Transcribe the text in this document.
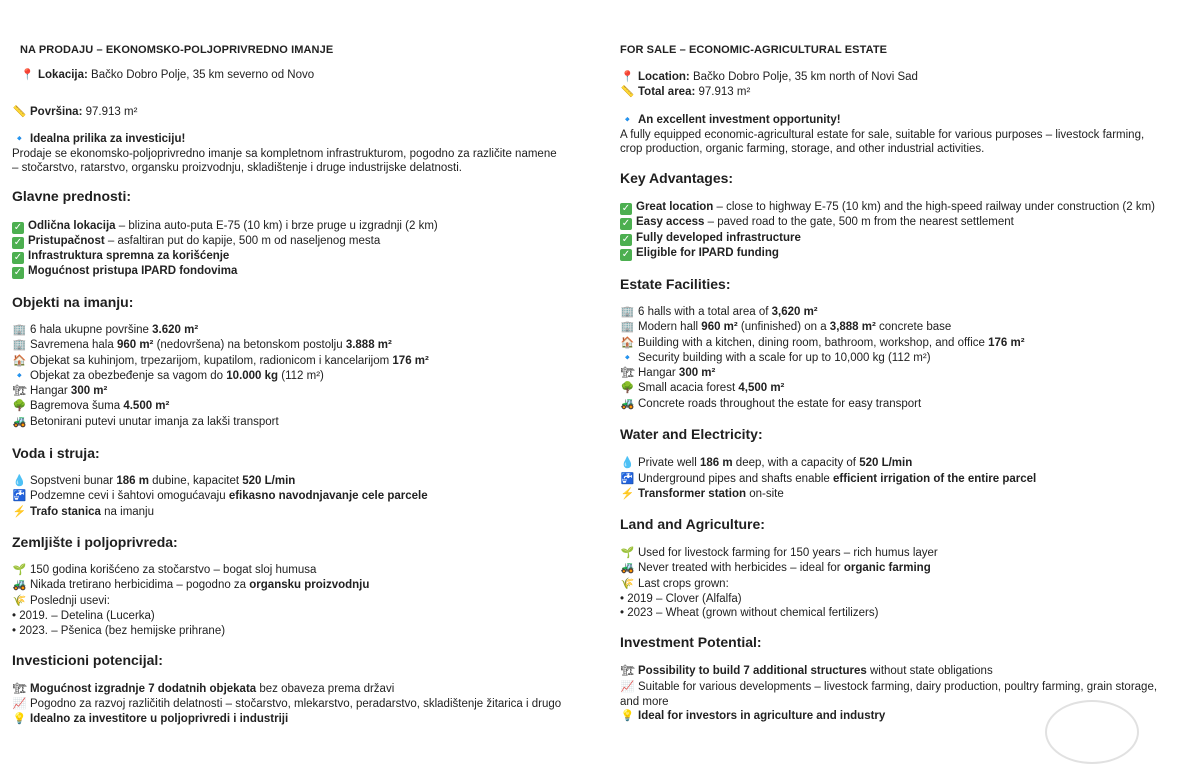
NA PRODAJU – EKONOMSKO-POLJOPRIVREDNO IMANJE
📍 Lokacija: Bačko Dobro Polje, 35 km severno od Novo
📏 Površina: 97.913 m²
🔹 Idealna prilika za investiciju!
Prodaje se ekonomsko-poljoprivredno imanje sa kompletnom infrastrukturom, pogodno za različite namene
– stočarstvo, ratarstvo, organsku proizvodnju, skladištenje i druge industrijske delatnosti.
Glavne prednosti:
✓ Odlična lokacija – blizina auto-puta E-75 (10 km) i brze pruge u izgradnji (2 km)
✓ Pristupačnost – asfaltiran put do kapije, 500 m od naseljenog mesta
✓ Infrastruktura spremna za korišćenje
✓ Mogućnost pristupa IPARD fondovima
Objekti na imanju:
🏢 6 hala ukupne površine 3.620 m²
🏢 Savremena hala 960 m² (nedovršena) na betonskom postolju 3.888 m²
🏠 Objekat sa kuhinjom, trpezarijom, kupatilom, radionicom i kancelarijom 176 m²
🔹 Objekat za obezbeđenje sa vagom do 10.000 kg (112 m²)
🏗 Hangar 300 m²
🌳 Bagremova šuma 4.500 m²
🚜 Betonirani putevi unutar imanja za lakši transport
Voda i struja:
💧 Sopstveni bunar 186 m dubine, kapacitet 520 L/min
🚰 Podzemne cevi i šahtovi omogućavaju efikasno navodnjavanje cele parcele
⚡ Trafo stanica na imanju
Zemljište i poljoprivreda:
🌱 150 godina korišćeno za stočarstvo – bogat sloj humusa
🚜 Nikada tretirano herbicidima – pogodno za organsku proizvodnju
🌾 Poslednji usevi:
• 2019. – Detelina (Lucerka)
• 2023. – Pšenica (bez hemijske prihrane)
Investicioni potencijal:
🏗 Mogućnost izgradnje 7 dodatnih objekata bez obaveza prema državi
📈 Pogodno za razvoj različitih delatnosti – stočarstvo, mlekarstvo, peradarstvo, skladištenje žitarica i drugo
💡 Idealno za investitore u poljoprivredi i industriji
FOR SALE – ECONOMIC-AGRICULTURAL ESTATE
📍 Location: Bačko Dobro Polje, 35 km north of Novi Sad
📏 Total area: 97.913 m²
🔹 An excellent investment opportunity!
A fully equipped economic-agricultural estate for sale, suitable for various purposes – livestock farming,
crop production, organic farming, storage, and other industrial activities.
Key Advantages:
✓ Great location – close to highway E-75 (10 km) and the high-speed railway under construction (2 km)
✓ Easy access – paved road to the gate, 500 m from the nearest settlement
✓ Fully developed infrastructure
✓ Eligible for IPARD funding
Estate Facilities:
🏢 6 halls with a total area of 3,620 m²
🏢 Modern hall 960 m² (unfinished) on a 3,888 m² concrete base
🏠 Building with a kitchen, dining room, bathroom, workshop, and office 176 m²
🔹 Security building with a scale for up to 10,000 kg (112 m²)
🏗 Hangar 300 m²
🌳 Small acacia forest 4,500 m²
🚜 Concrete roads throughout the estate for easy transport
Water and Electricity:
💧 Private well 186 m deep, with a capacity of 520 L/min
🚰 Underground pipes and shafts enable efficient irrigation of the entire parcel
⚡ Transformer station on-site
Land and Agriculture:
🌱 Used for livestock farming for 150 years – rich humus layer
🚜 Never treated with herbicides – ideal for organic farming
🌾 Last crops grown:
• 2019 – Clover (Alfalfa)
• 2023 – Wheat (grown without chemical fertilizers)
Investment Potential:
🏗 Possibility to build 7 additional structures without state obligations
📈 Suitable for various developments – livestock farming, dairy production, poultry farming, grain storage,
and more
💡 Ideal for investors in agriculture and industry
